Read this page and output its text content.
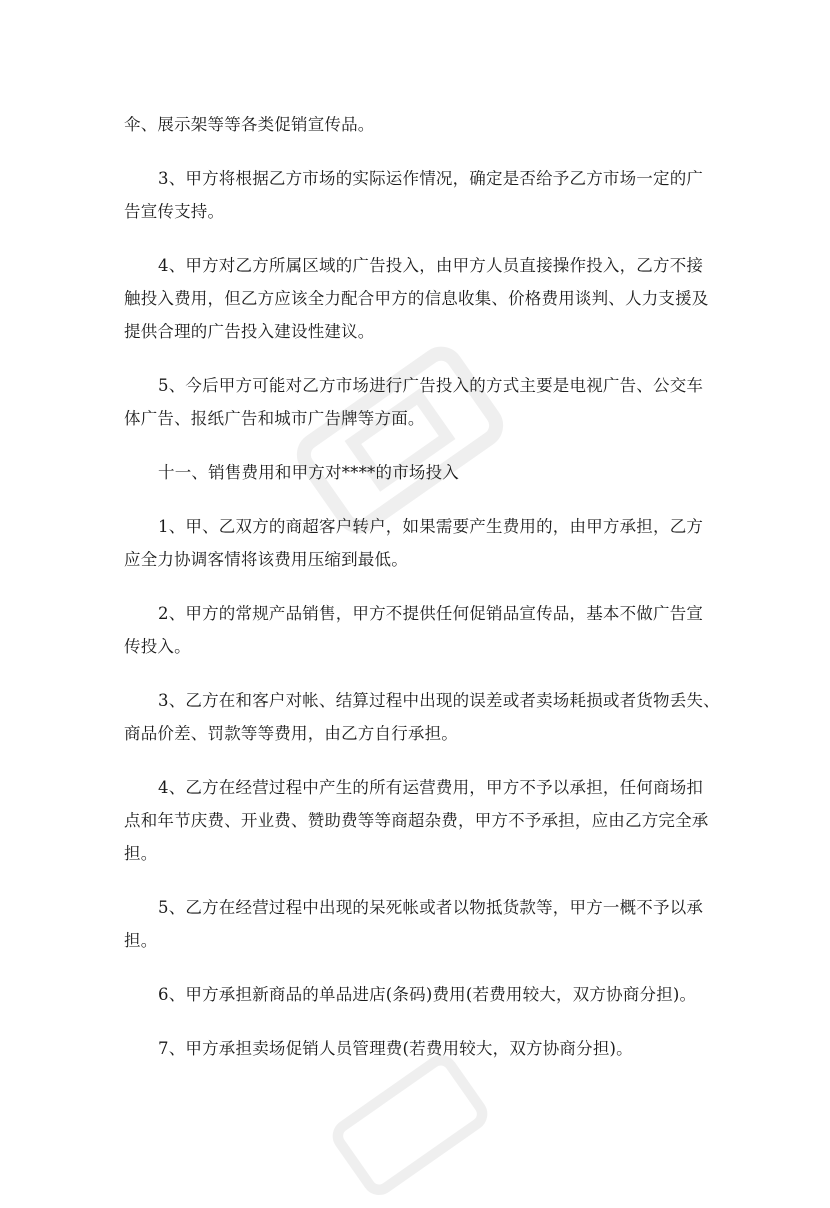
伞、展示架等等各类促销宣传品。
3、甲方将根据乙方市场的实际运作情况，确定是否给予乙方市场一定的广
告宣传支持。
4、甲方对乙方所属区域的广告投入，由甲方人员直接操作投入，乙方不接
触投入费用，但乙方应该全力配合甲方的信息收集、价格费用谈判、人力支援及
提供合理的广告投入建设性建议。
5、今后甲方可能对乙方市场进行广告投入的方式主要是电视广告、公交车
体广告、报纸广告和城市广告牌等方面。
十一、销售费用和甲方对****的市场投入
1、甲、乙双方的商超客户转户，如果需要产生费用的，由甲方承担，乙方
应全力协调客情将该费用压缩到最低。
2、甲方的常规产品销售，甲方不提供任何促销品宣传品，基本不做广告宣
传投入。
3、乙方在和客户对帐、结算过程中出现的误差或者卖场耗损或者货物丢失、
商品价差、罚款等等费用，由乙方自行承担。
4、乙方在经营过程中产生的所有运营费用，甲方不予以承担，任何商场扣
点和年节庆费、开业费、赞助费等等商超杂费，甲方不予承担，应由乙方完全承
担。
5、乙方在经营过程中出现的呆死帐或者以物抵货款等，甲方一概不予以承
担。
6、甲方承担新商品的单品进店(条码)费用(若费用较大，双方协商分担)。
7、甲方承担卖场促销人员管理费(若费用较大，双方协商分担)。
